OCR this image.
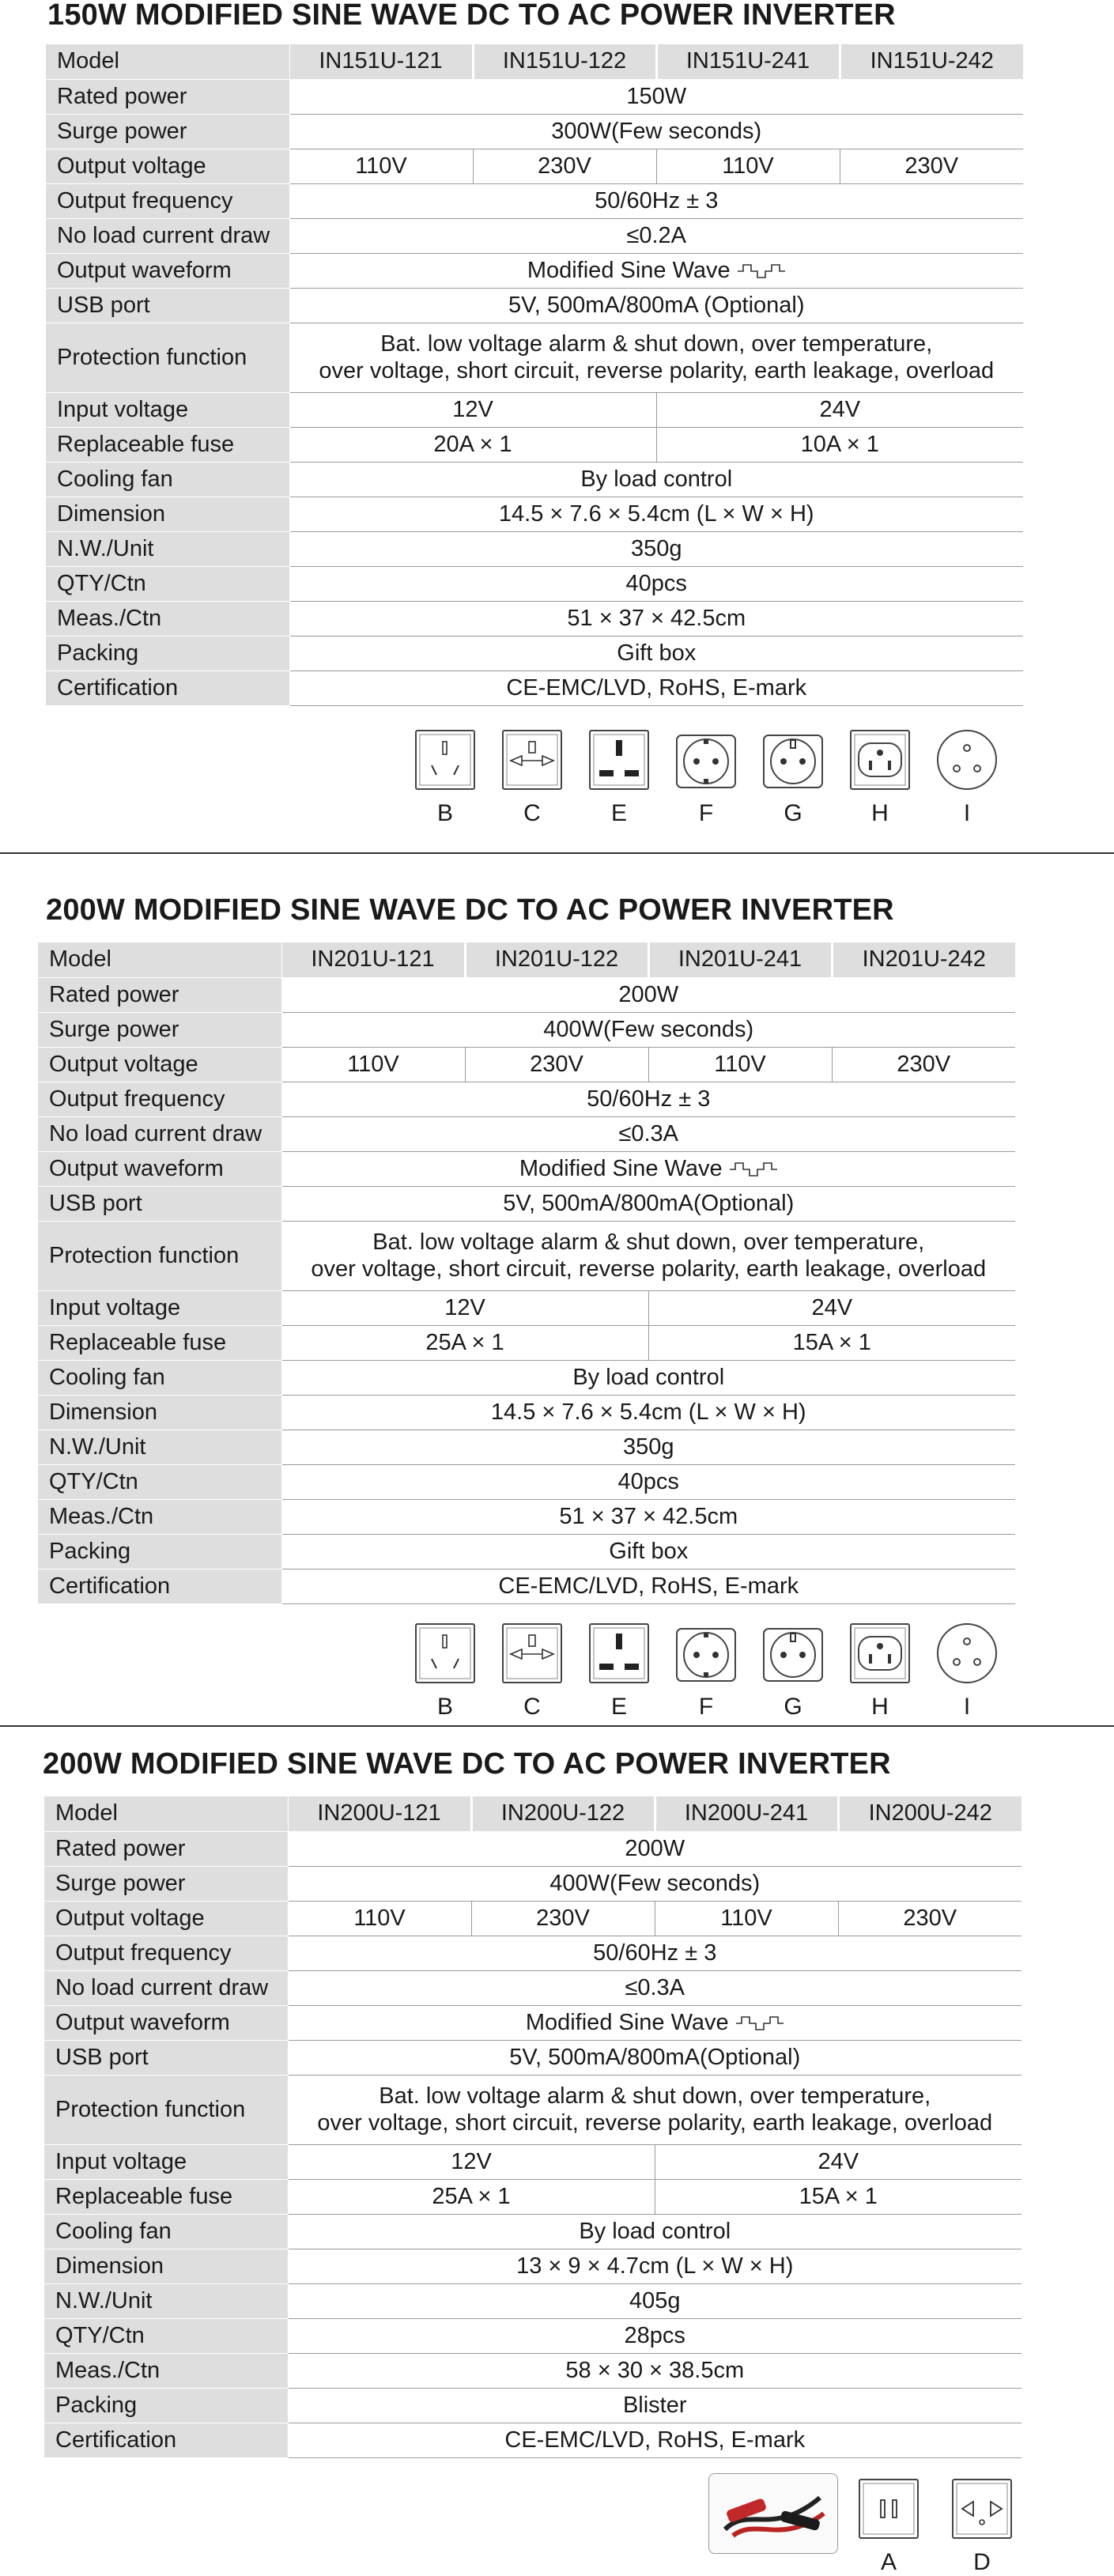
150W MODIFIED SINE WAVE DC TO AC POWER INVERTER
Model	IN151U-121	IN151U-122	IN151U-241	IN151U-242
Rated power	150W			
Surge power	300W(Few seconds)			
Output voltage	110V	230V	110V	230V
Output frequency	50/60Hz ± 3			
No load current draw	≤0.2A			
Output waveform	Modified Sine Wave			
USB port	5V, 500mA/800mA (Optional)			
Protection function	Bat. low voltage alarm & shut down, over temperature,
over voltage, short circuit, reverse polarity, earth leakage, overload			

Input voltage	12V		24V	
Replaceable fuse	20A × 1		10A × 1	
Cooling fan	By load control			
Dimension	14.5 × 7.6 × 5.4cm (L × W × H)			
N.W./Unit	350g			
QTY/Ctn	40pcs			
Meas./Ctn	51 × 37 × 42.5cm			
Packing	Gift box			
Certification	CE-EMC/LVD, RoHS, E-mark			
B	C	E	F	G	H	I
200W MODIFIED SINE WAVE DC TO AC POWER INVERTER
Model	IN201U-121	IN201U-122	IN201U-241	IN201U-242
Rated power	200W			
Surge power	400W(Few seconds)			
Output voltage	110V	230V	110V	230V
Output frequency	50/60Hz ± 3			
No load current draw	≤0.3A			
Output waveform	Modified Sine Wave			
USB port	5V, 500mA/800mA(Optional)			
Protection function	Bat. low voltage alarm & shut down, over temperature,
over voltage, short circuit, reverse polarity, earth leakage, overload			

Input voltage	12V		24V	
Replaceable fuse	25A × 1		15A × 1	
Cooling fan	By load control			
Dimension	14.5 × 7.6 × 5.4cm (L × W × H)			
N.W./Unit	350g			
QTY/Ctn	40pcs			
Meas./Ctn	51 × 37 × 42.5cm			
Packing	Gift box			
Certification	CE-EMC/LVD, RoHS, E-mark			
B	C	E	F	G	H	I
200W MODIFIED SINE WAVE DC TO AC POWER INVERTER
Model	IN200U-121	IN200U-122	IN200U-241	IN200U-242
Rated power	200W			
Surge power	400W(Few seconds)			
Output voltage	110V	230V	110V	230V
Output frequency	50/60Hz ± 3			
No load current draw	≤0.3A			
Output waveform	Modified Sine Wave			
USB port	5V, 500mA/800mA(Optional)			
Protection function	Bat. low voltage alarm & shut down, over temperature,
over voltage, short circuit, reverse polarity, earth leakage, overload			

Input voltage	12V		24V	
Replaceable fuse	25A × 1		15A × 1	
Cooling fan	By load control			
Dimension	13 × 9 × 4.7cm (L × W × H)			
N.W./Unit	405g			
QTY/Ctn	28pcs			
Meas./Ctn	58 × 30 × 38.5cm			
Packing	Blister			
Certification	CE-EMC/LVD, RoHS, E-mark			
A	D
